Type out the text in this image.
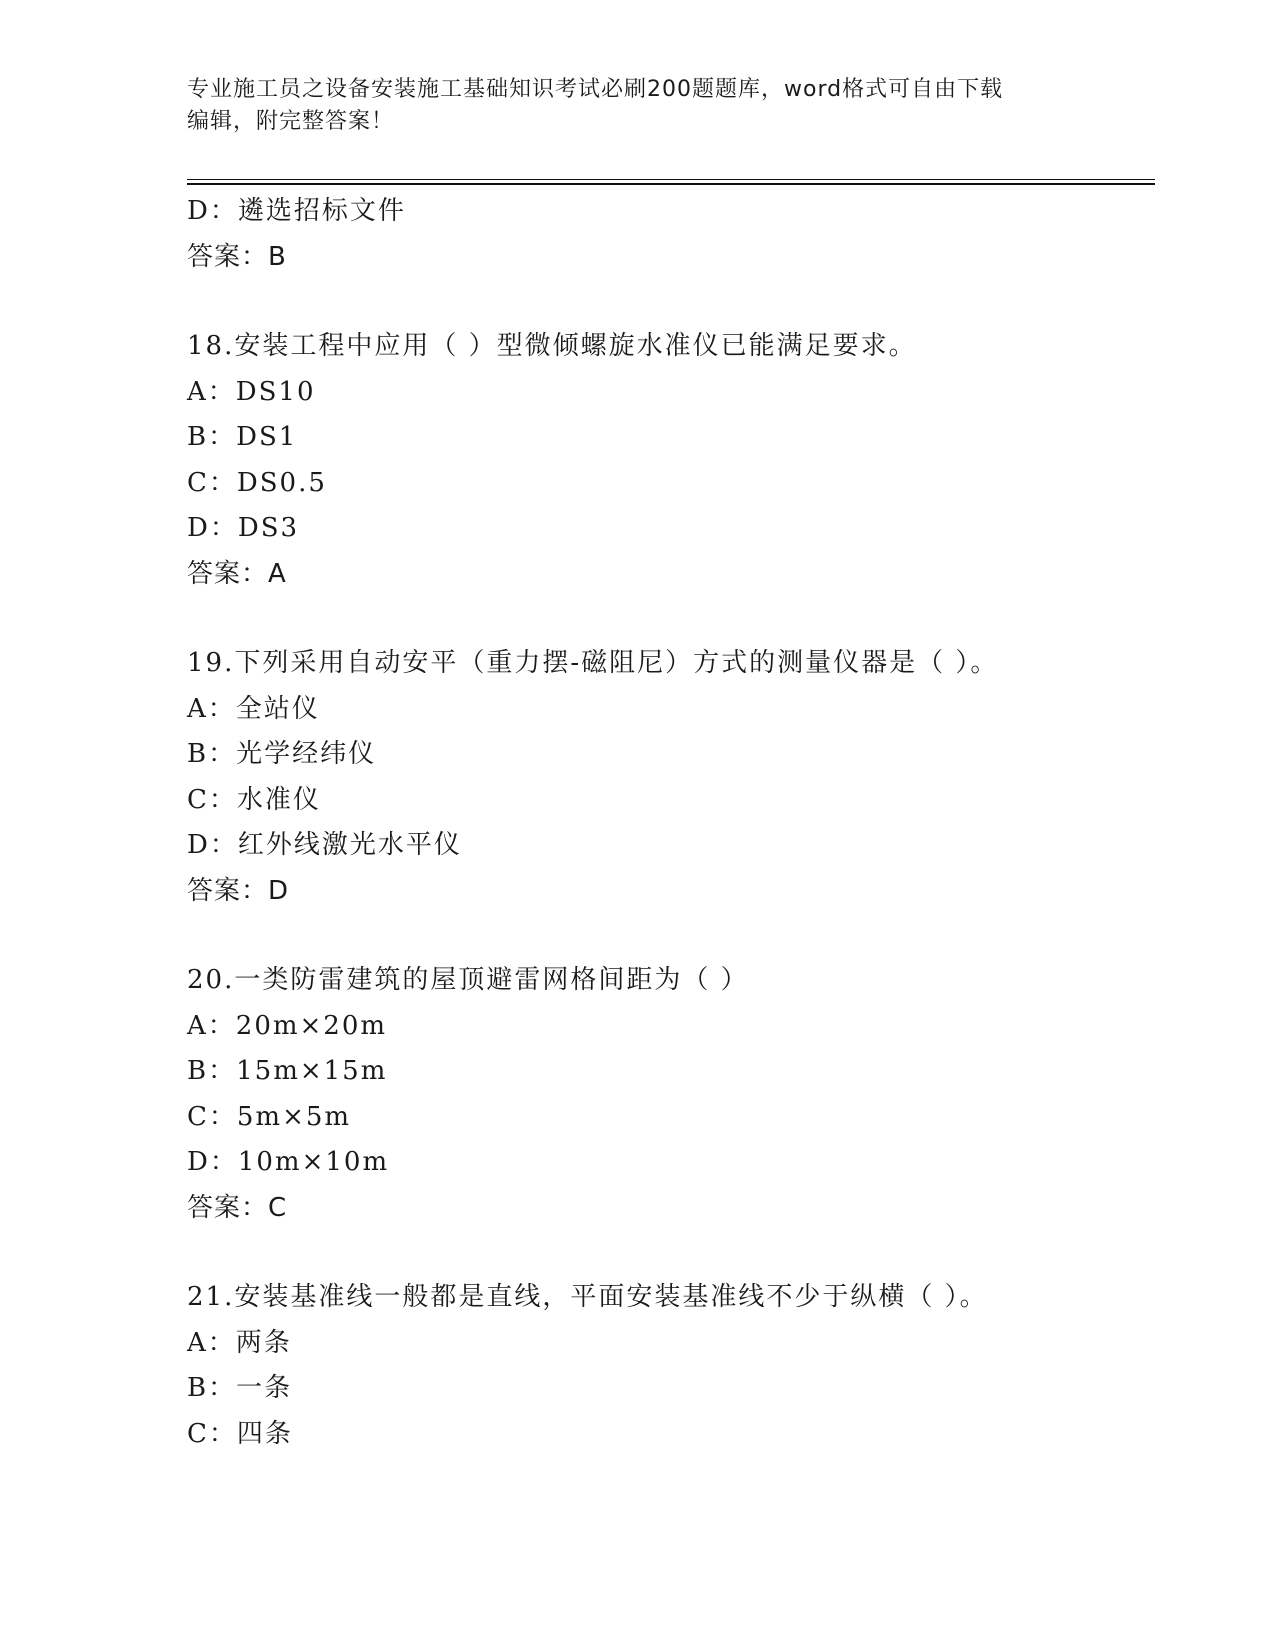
专业施工员之设备安装施工基础知识考试必刷200题题库，word格式可自由下载

编辑，附完整答案！

D：遴选招标文件
答案：B
18.安装工程中应用（ ）型微倾螺旋水准仪已能满足要求。
A：DS10
B：DS1
C：DS0.5
D：DS3
答案：A
19.下列采用自动安平（重力摆-磁阻尼）方式的测量仪器是（ ）。
A：全站仪
B：光学经纬仪
C：水准仪
D：红外线激光水平仪
答案：D
20.一类防雷建筑的屋顶避雷网格间距为（ ）
A：20m×20m
B：15m×15m
C：5m×5m
D：10m×10m
答案：C
21.安装基准线一般都是直线，平面安装基准线不少于纵横（ ）。
A：两条
B：一条
C：四条
